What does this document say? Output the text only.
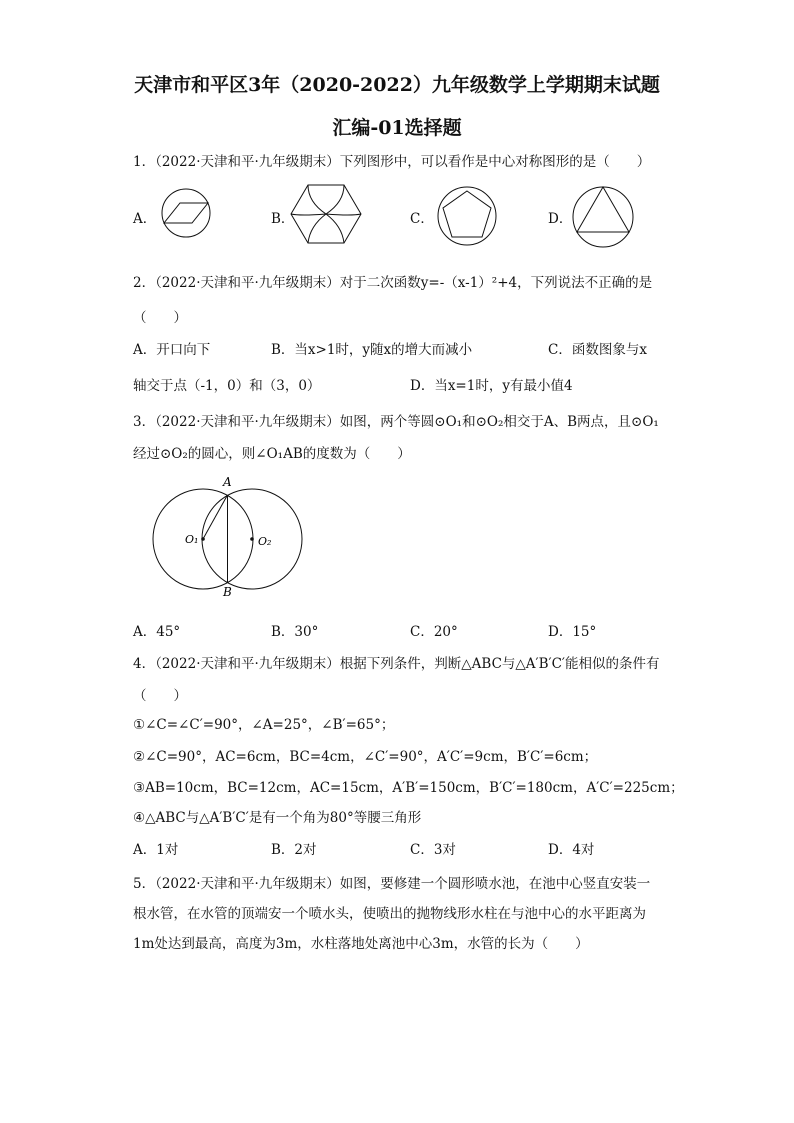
天津市和平区3年（2020-2022）九年级数学上学期期末试题
汇编-01选择题
1．（2022·天津和平·九年级期末）下列图形中，可以看作是中心对称图形的是（　　）
A．	B．	C．	D．
2．（2022·天津和平·九年级期末）对于二次函数y=-（x-1）²+4，下列说法不正确的是
（　　）
A．开口向下	B．当x>1时，y随x的增大而减小	C．函数图象与x
轴交于点（-1，0）和（3，0）	D．当x=1时，y有最小值4
3．（2022·天津和平·九年级期末）如图，两个等圆⊙O₁和⊙O₂相交于A、B两点，且⊙O₁
经过⊙O₂的圆心，则∠O₁AB的度数为（　　）
A
B
O₁	O₂
A．45°	B．30°	C．20°	D．15°
4．（2022·天津和平·九年级期末）根据下列条件，判断△ABC与△A′B′C′能相似的条件有
（　　）
①∠C=∠C′=90°，∠A=25°，∠B′=65°；
②∠C=90°，AC=6cm，BC=4cm，∠C′=90°，A′C′=9cm，B′C′=6cm；
③AB=10cm，BC=12cm，AC=15cm，A′B′=150cm，B′C′=180cm，A′C′=225cm；
④△ABC与△A′B′C′是有一个角为80°等腰三角形
A．1对	B．2对	C．3对	D．4对
5．（2022·天津和平·九年级期末）如图，要修建一个圆形喷水池，在池中心竖直安装一
根水管，在水管的顶端安一个喷水头，使喷出的抛物线形水柱在与池中心的水平距离为
1m处达到最高，高度为3m，水柱落地处离池中心3m，水管的长为（　　）
